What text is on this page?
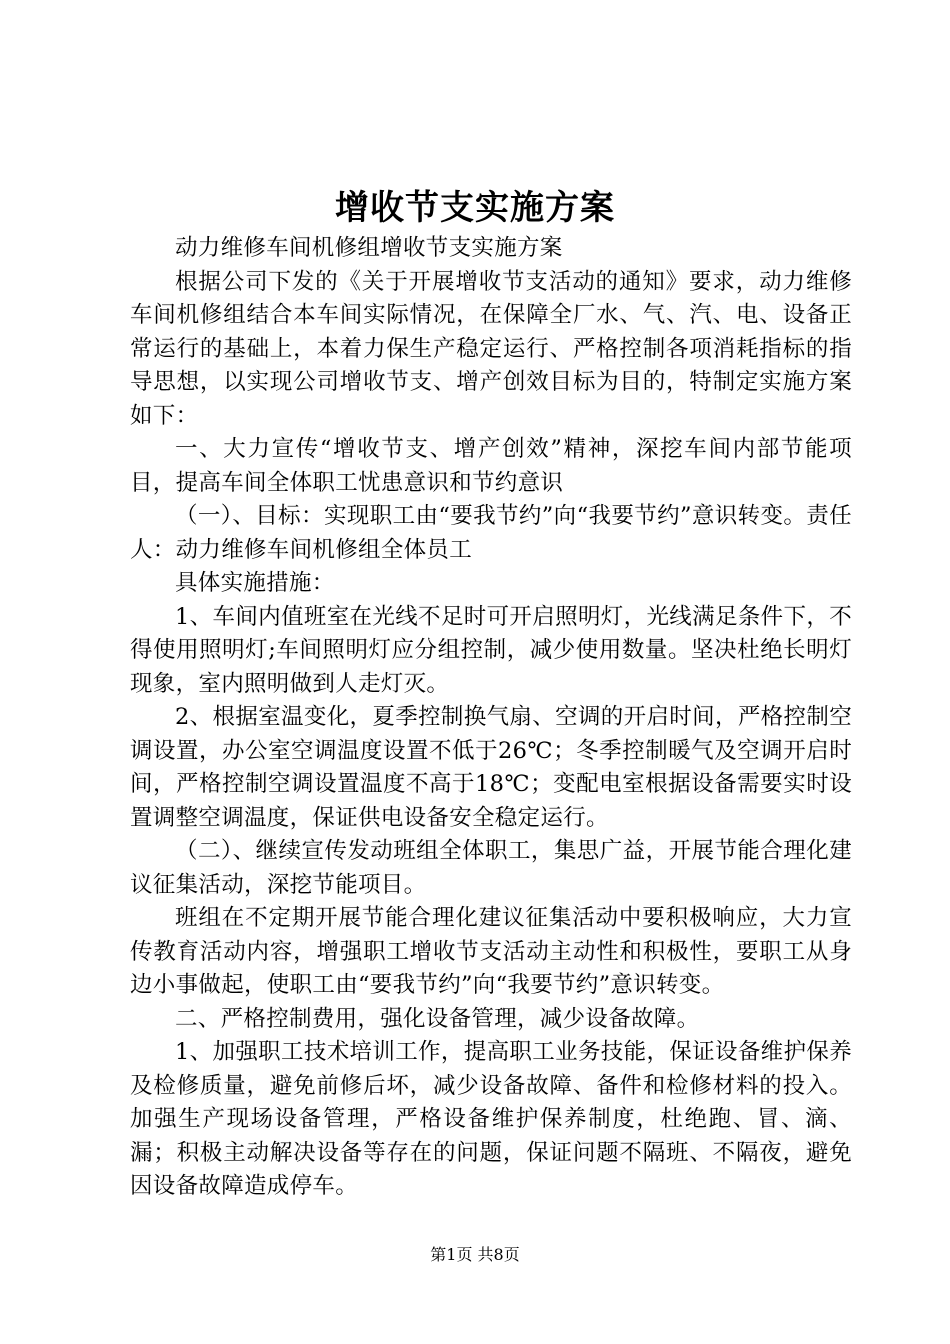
增收节支实施方案

动力维修车间机修组增收节支实施方案

根据公司下发的《关于开展增收节支活动的通知》要求，动力维修车间机修组结合本车间实际情况，在保障全厂水、气、汽、电、设备正常运行的基础上，本着力保生产稳定运行、严格控制各项消耗指标的指导思想，以实现公司增收节支、增产创效目标为目的，特制定实施方案如下：

一、大力宣传“增收节支、增产创效”精神，深挖车间内部节能项目，提高车间全体职工忧患意识和节约意识

（一）、目标：实现职工由“要我节约”向“我要节约”意识转变。责任人：动力维修车间机修组全体员工

具体实施措施：

1、车间内值班室在光线不足时可开启照明灯，光线满足条件下，不得使用照明灯;车间照明灯应分组控制，减少使用数量。坚决杜绝长明灯现象，室内照明做到人走灯灭。

2、根据室温变化，夏季控制换气扇、空调的开启时间，严格控制空调设置，办公室空调温度设置不低于26℃；冬季控制暖气及空调开启时间，严格控制空调设置温度不高于18℃；变配电室根据设备需要实时设置调整空调温度，保证供电设备安全稳定运行。

（二）、继续宣传发动班组全体职工，集思广益，开展节能合理化建议征集活动，深挖节能项目。

班组在不定期开展节能合理化建议征集活动中要积极响应，大力宣传教育活动内容，增强职工增收节支活动主动性和积极性，要职工从身边小事做起，使职工由“要我节约”向“我要节约”意识转变。

二、严格控制费用，强化设备管理，减少设备故障。

1、加强职工技术培训工作，提高职工业务技能，保证设备维护保养及检修质量，避免前修后坏，减少设备故障、备件和检修材料的投入。加强生产现场设备管理，严格设备维护保养制度，杜绝跑、冒、滴、漏；积极主动解决设备等存在的问题，保证问题不隔班、不隔夜，避免因设备故障造成停车。

第1页 共8页
